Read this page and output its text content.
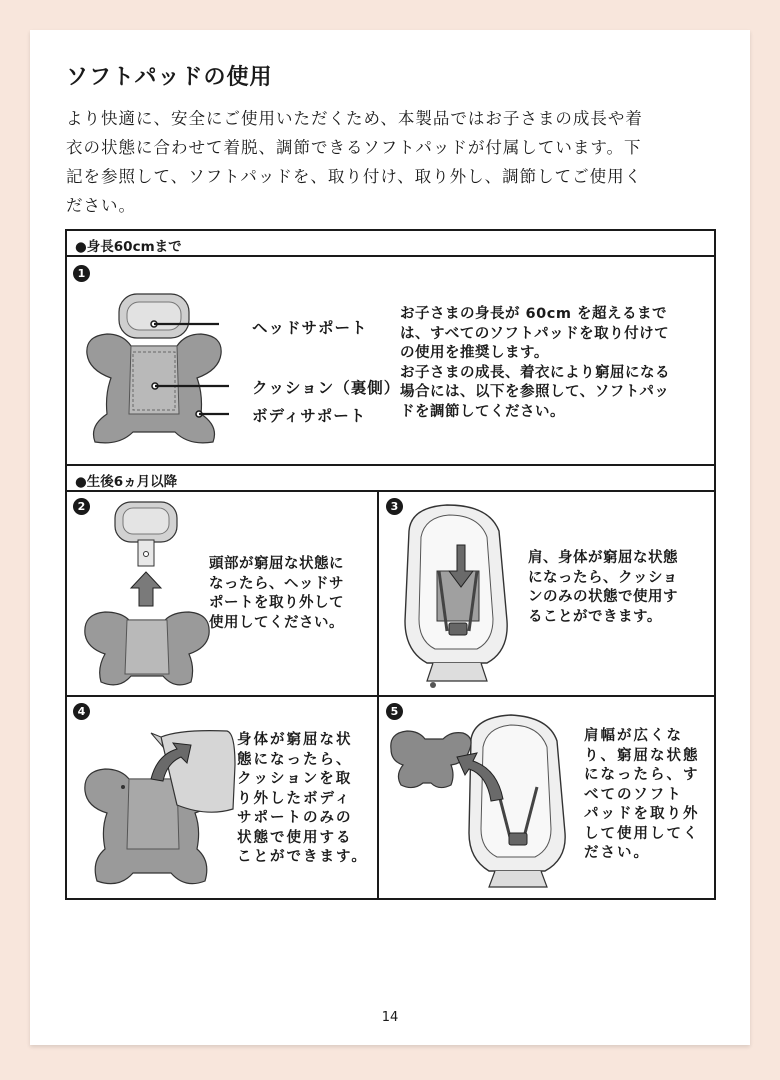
ソフトパッドの使用
より快適に、安全にご使用いただくため、本製品ではお子さまの成長や着
衣の状態に合わせて着脱、調節できるソフトパッドが付属しています。下
記を参照して、ソフトパッドを、取り付け、取り外し、調節してご使用く
ださい。
●身長60cmまで
1
ヘッドサポート
クッション（裏側）
ボディサポート
お子さまの身長が 60cm を超えるまで
は、すべてのソフトパッドを取り付けて
の使用を推奨します。
お子さまの成長、着衣により窮屈になる
場合には、以下を参照して、ソフトパッ
ドを調節してください。
●生後6ヵ月以降
2
頭部が窮屈な状態に
なったら、ヘッドサ
ポートを取り外して
使用してください。
3
肩、身体が窮屈な状態
になったら、クッショ
ンのみの状態で使用す
ることができます。
4
身体が窮屈な状
態になったら、
クッションを取
り外したボディ
サポートのみの
状態で使用する
ことができます。
5
肩幅が広くな
り、窮屈な状態
になったら、す
べてのソフト
パッドを取り外
して使用してく
ださい。
14
